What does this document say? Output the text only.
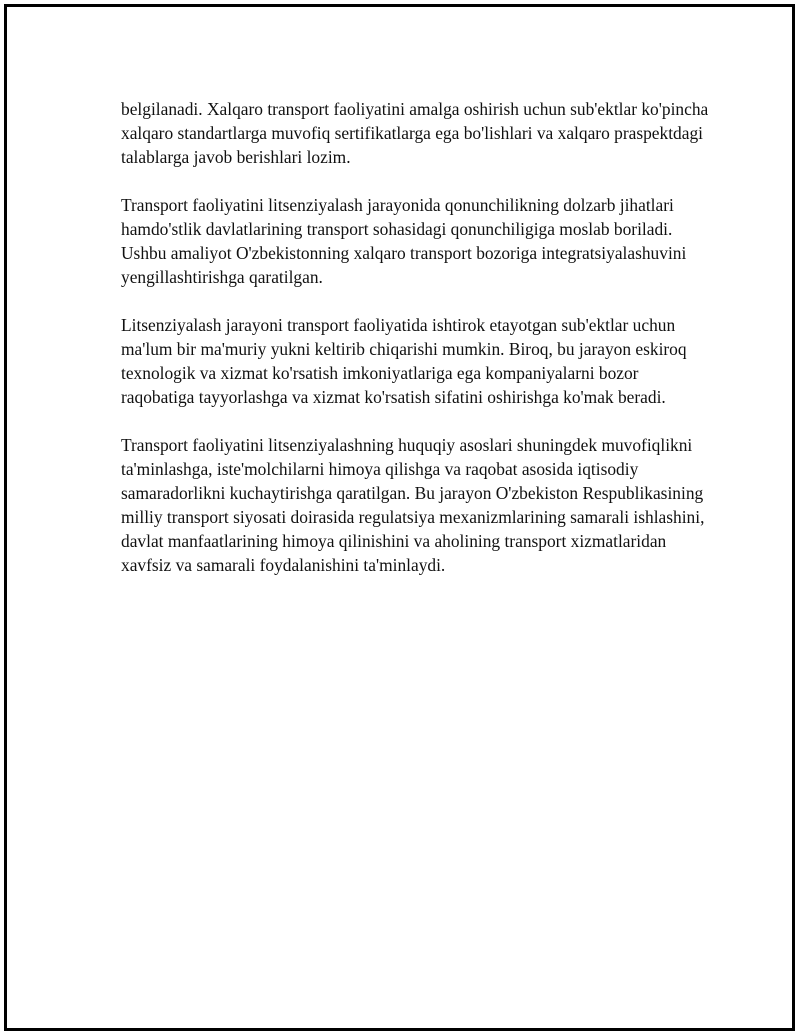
belgilanadi. Xalqaro transport faoliyatini amalga oshirish uchun sub'ektlar ko'pincha xalqaro standartlarga muvofiq sertifikatlarga ega bo'lishlari va xalqaro praspektdagi talablarga javob berishlari lozim.

Transport faoliyatini litsenziyalash jarayonida qonunchilikning dolzarb jihatlari hamdo'stlik davlatlarining transport sohasidagi qonunchiligiga moslab boriladi. Ushbu amaliyot O'zbekistonning xalqaro transport bozoriga integratsiyalashuvini yengillashtirishga qaratilgan.

Litsenziyalash jarayoni transport faoliyatida ishtirok etayotgan sub'ektlar uchun ma'lum bir ma'muriy yukni keltirib chiqarishi mumkin. Biroq, bu jarayon eskiroq texnologik va xizmat ko'rsatish imkoniyatlariga ega kompaniyalarni bozor raqobatiga tayyorlashga va xizmat ko'rsatish sifatini oshirishga ko'mak beradi.

Transport faoliyatini litsenziyalashning huquqiy asoslari shuningdek muvofiqlikni ta'minlashga, iste'molchilarni himoya qilishga va raqobat asosida iqtisodiy samaradorlikni kuchaytirishga qaratilgan. Bu jarayon O'zbekiston Respublikasining milliy transport siyosati doirasida regulatsiya mexanizmlarining samarali ishlashini, davlat manfaatlarining himoya qilinishini va aholining transport xizmatlaridan xavfsiz va samarali foydalanishini ta'minlaydi.
